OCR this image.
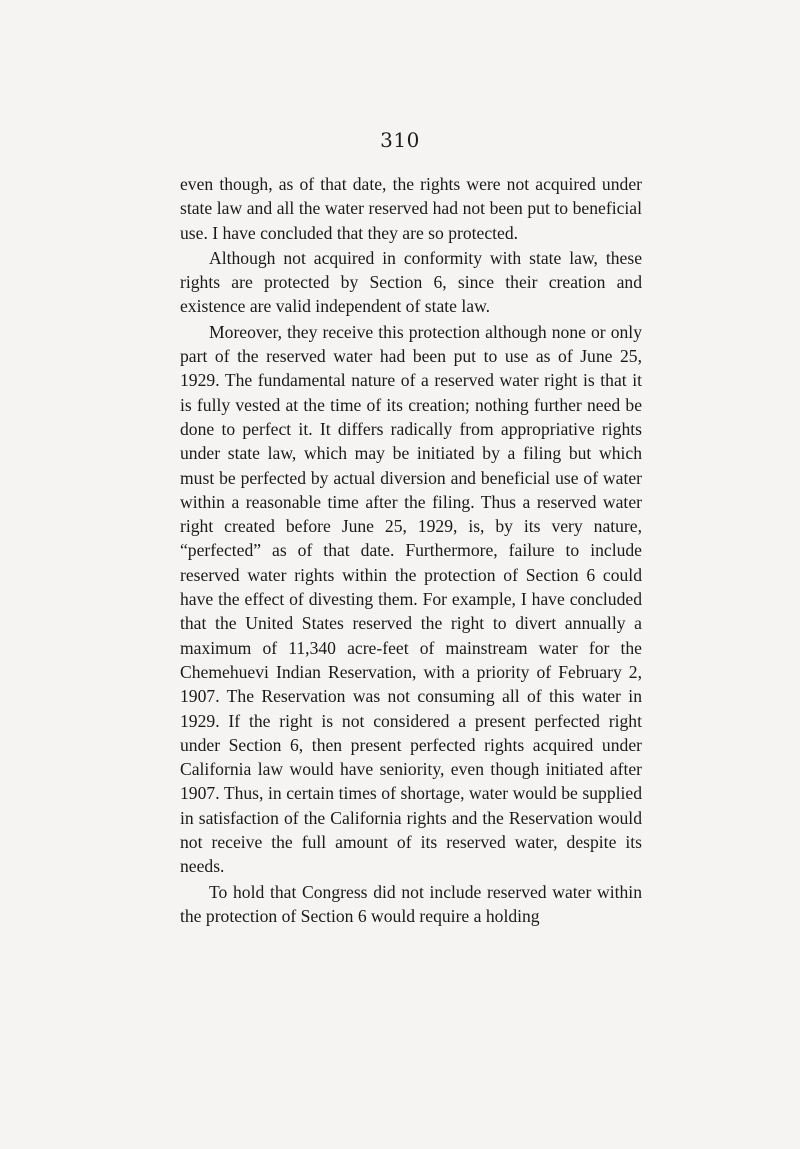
310

even though, as of that date, the rights were not acquired under state law and all the water reserved had not been put to beneficial use. I have concluded that they are so protected.

Although not acquired in conformity with state law, these rights are protected by Section 6, since their creation and existence are valid independent of state law.

Moreover, they receive this protection although none or only part of the reserved water had been put to use as of June 25, 1929. The fundamental nature of a reserved water right is that it is fully vested at the time of its creation; nothing further need be done to perfect it. It differs radically from appropriative rights under state law, which may be initiated by a filing but which must be perfected by actual diversion and beneficial use of water within a reasonable time after the filing. Thus a reserved water right created before June 25, 1929, is, by its very nature, “perfected” as of that date. Furthermore, failure to include reserved water rights within the protection of Section 6 could have the effect of divesting them. For example, I have concluded that the United States reserved the right to divert annually a maximum of 11,340 acre-feet of mainstream water for the Chemehuevi Indian Reservation, with a priority of February 2, 1907. The Reservation was not consuming all of this water in 1929. If the right is not considered a present perfected right under Section 6, then present perfected rights acquired under California law would have seniority, even though initiated after 1907. Thus, in certain times of shortage, water would be supplied in satisfaction of the California rights and the Reservation would not receive the full amount of its reserved water, despite its needs.

To hold that Congress did not include reserved water within the protection of Section 6 would require a holding
